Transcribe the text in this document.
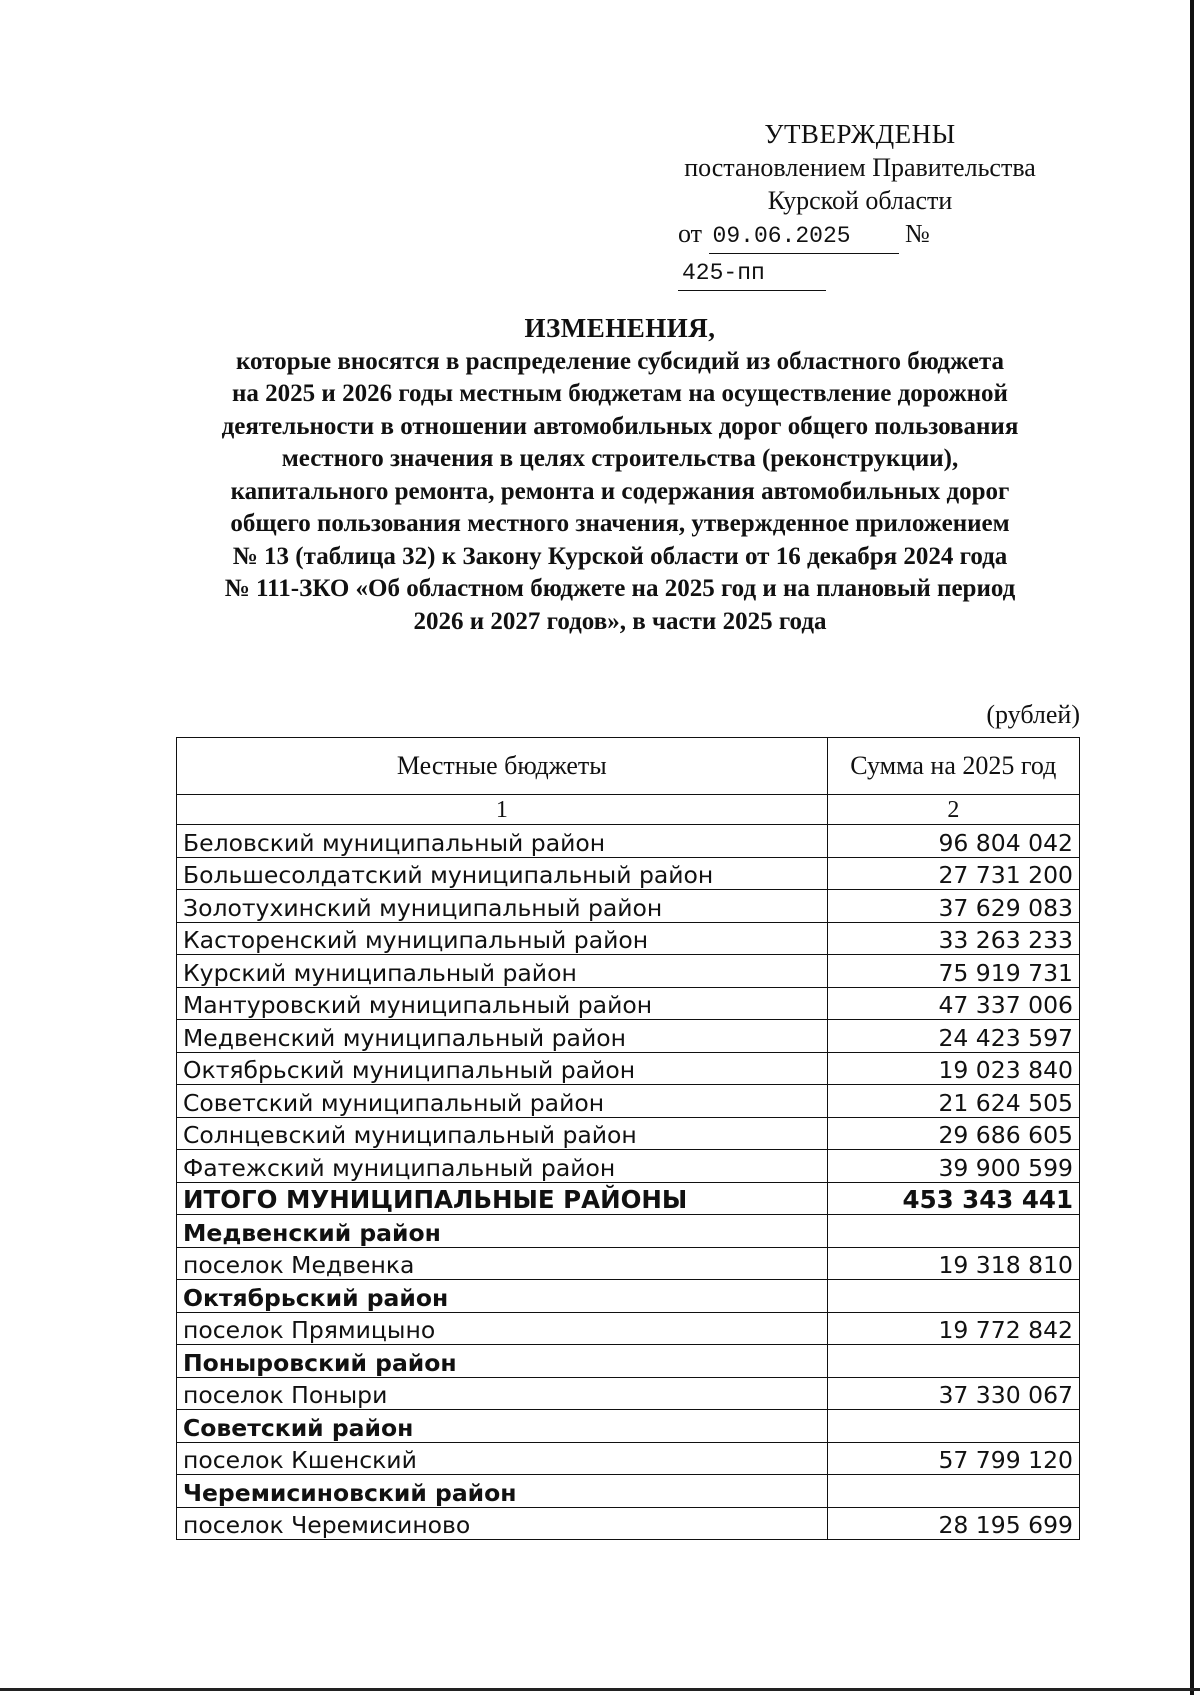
УТВЕРЖДЕНЫ
постановлением Правительства
Курской области
от 09.06.2025 № 425-пп
ИЗМЕНЕНИЯ,
которые вносятся в распределение субсидий из областного бюджета
на 2025 и 2026 годы местным бюджетам на осуществление дорожной
деятельности в отношении автомобильных дорог общего пользования
местного значения в целях строительства (реконструкции),
капитального ремонта, ремонта и содержания автомобильных дорог
общего пользования местного значения, утвержденное приложением
№ 13 (таблица 32) к Закону Курской области от 16 декабря 2024 года
№ 111-ЗКО «Об областном бюджете на 2025 год и на плановый период
2026 и 2027 годов», в части 2025 года
(рублей)
Местные бюджеты	Сумма на 2025 год
1	2
Беловский муниципальный район	96 804 042
Большесолдатский муниципальный район	27 731 200
Золотухинский муниципальный район	37 629 083
Касторенский муниципальный район	33 263 233
Курский муниципальный район	75 919 731
Мантуровский муниципальный район	47 337 006
Медвенский муниципальный район	24 423 597
Октябрьский муниципальный район	19 023 840
Советский муниципальный район	21 624 505
Солнцевский муниципальный район	29 686 605
Фатежский муниципальный район	39 900 599
ИТОГО МУНИЦИПАЛЬНЫЕ РАЙОНЫ	453 343 441
Медвенский район	
поселок Медвенка	19 318 810
Октябрьский район	
поселок Прямицыно	19 772 842
Поныровский район	
поселок Поныри	37 330 067
Советский район	
поселок Кшенский	57 799 120
Черемисиновский район	
поселок Черемисиново	28 195 699
